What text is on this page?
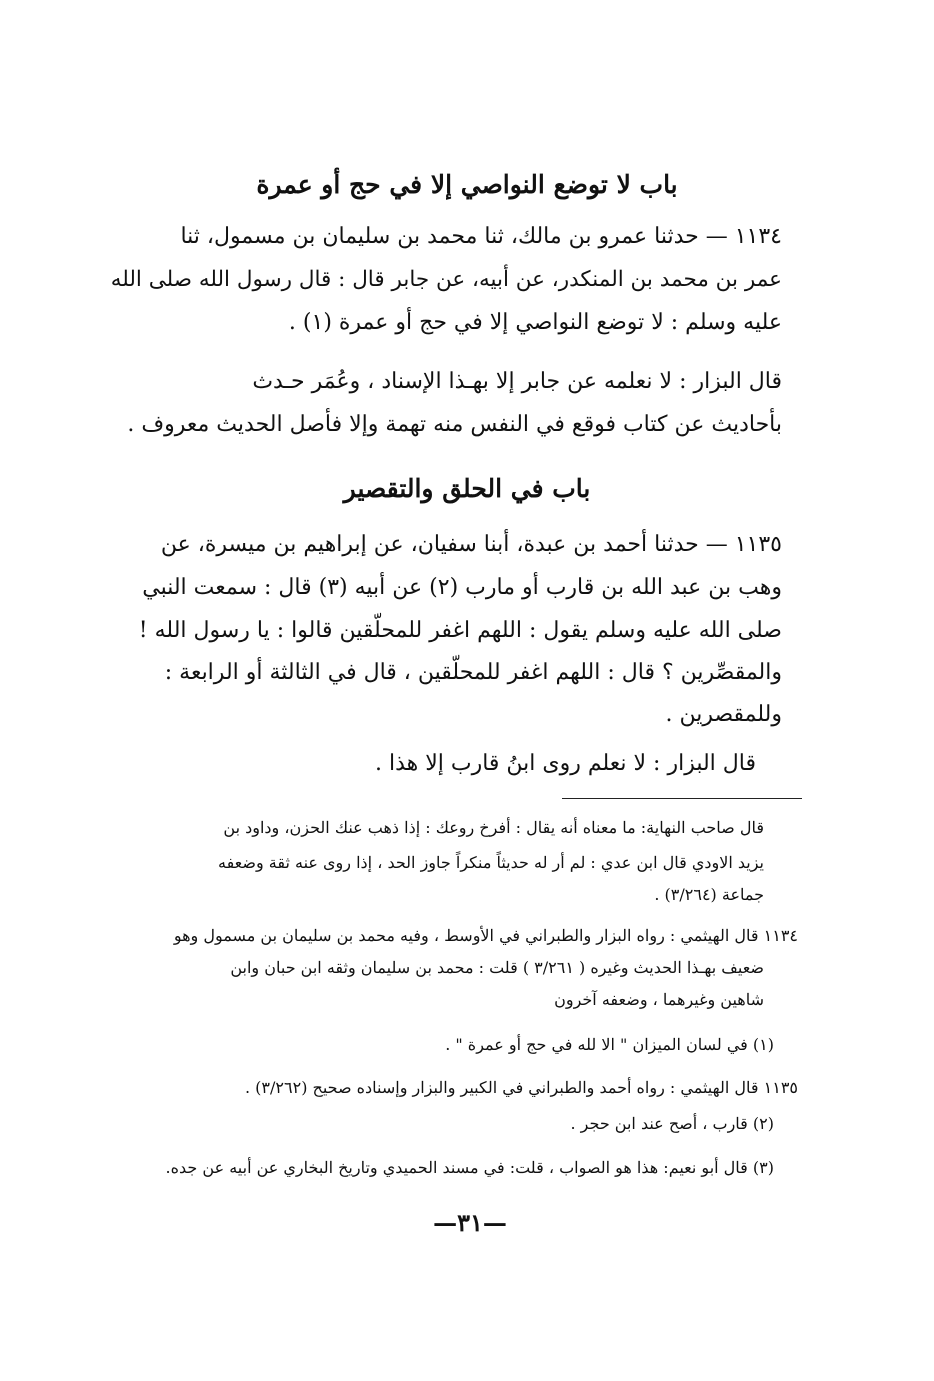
باب لا توضع النواصي إلا في حج أو عمرة
١١٣٤ — حدثنا عمرو بن مالك، ثنا محمد بن سليمان بن مسمول، ثنا
عمر بن محمد بن المنكدر، عن أبيه، عن جابر قال : قال رسول الله صلى الله
عليه وسلم : لا توضع النواصي إلا في حج أو عمرة (١) .
قال البزار : لا نعلمه عن جابر إلا بهـذا الإسناد ، وعُمَر حـدث
بأحاديث عن كتاب فوقع في النفس منه تهمة وإلا فأصل الحديث معروف .
باب في الحلق والتقصير
١١٣٥ — حدثنا أحمد بن عبدة، أبنا سفيان، عن إبراهيم بن ميسرة، عن
وهب بن عبد الله بن قارب أو مارب (٢) عن أبيه (٣) قال : سمعت النبي
صلى الله عليه وسلم يقول : اللهم اغفر للمحلّقين قالوا : يا رسول الله !
والمقصِّرين ؟ قال : اللهم اغفر للمحلّقين ، قال في الثالثة أو الرابعة :
وللمقصرين .
قال البزار : لا نعلم روى ابنُ قارب إلا هذا .
قال صاحب النهاية: ما معناه أنه يقال : أفرخ روعك : إذا ذهب عنك الحزن، وداود بن
يزيد الاودي قال ابن عدي : لم أر له حديثاً منكراً جاوز الحد ، إذا روى عنه ثقة وضعفه
جماعة (٣/٢٦٤) .
١١٣٤ قال الهيثمي : رواه البزار والطبراني في الأوسط ، وفيه محمد بن سليمان بن مسمول وهو
ضعيف بهـذا الحديث وغيره ( ٣/٢٦١ ) قلت : محمد بن سليمان وثقه ابن حبان وابن
شاهين وغيرهما ، وضعفه آخرون
(١) في لسان الميزان " الا لله في حج أو عمرة " .
١١٣٥ قال الهيثمي : رواه أحمد والطبراني في الكبير والبزار وإسناده صحيح (٣/٢٦٢) .
(٢) قارب ، أصح عند ابن حجر .
(٣) قال أبو نعيم: هذا هو الصواب ، قلت: في مسند الحميدي وتاريخ البخاري عن أبيه عن جده.
—٣١—
